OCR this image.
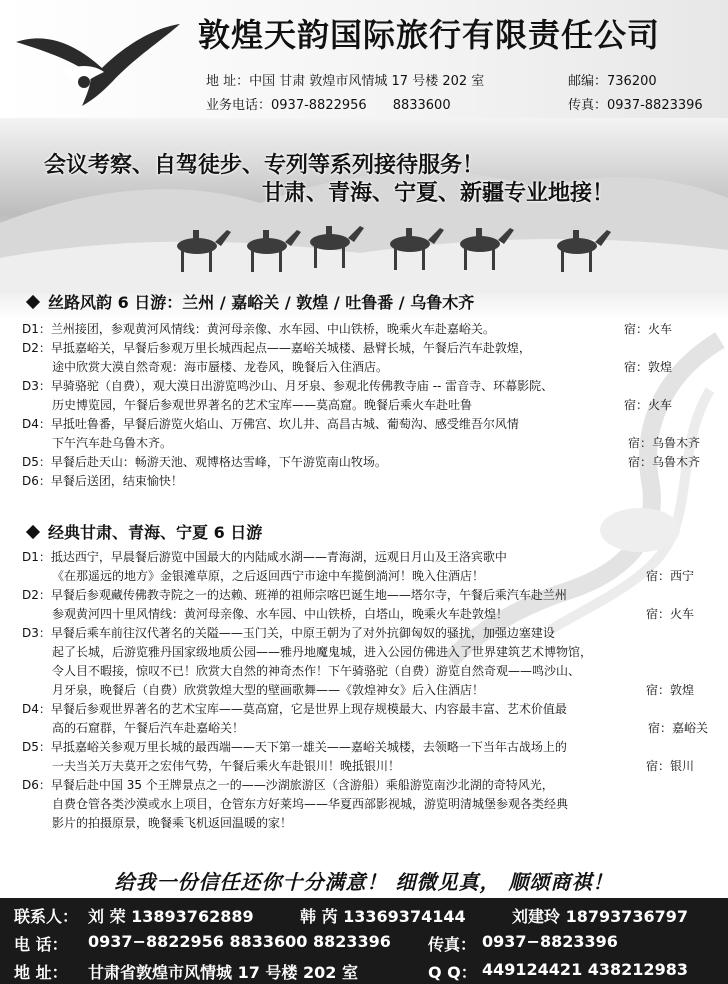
敦煌天韵国际旅行有限责任公司
地 址：中国 甘肃 敦煌市风情城 17 号楼 202 室	邮编：736200
业务电话：0937-8822956 8833600	传真：0937-8823396
会议考察、自驾徒步、专列等系列接待服务！
甘肃、青海、宁夏、新疆专业地接！
丝路风韵 6 日游：兰州 / 嘉峪关 / 敦煌 / 吐鲁番 / 乌鲁木齐
D1：兰州接团，参观黄河风情线：黄河母亲像、水车园、中山铁桥，晚乘火车赴嘉峪关。	宿：火车
D2：早抵嘉峪关，早餐后参观万里长城西起点——嘉峪关城楼、悬臂长城，午餐后汽车赴敦煌，
途中欣赏大漠自然奇观：海市蜃楼、龙卷风，晚餐后入住酒店。	宿：敦煌
D3：早骑骆驼（自费），观大漠日出游览鸣沙山、月牙泉、参观北传佛教寺庙 -- 雷音寺、环幕影院、
历史博览园，午餐后参观世界著名的艺术宝库——莫高窟。晚餐后乘火车赴吐鲁	宿：火车
D4：早抵吐鲁番，早餐后游览火焰山、万佛宫、坎儿井、高昌古城、葡萄沟、感受维吾尔风情
下午汽车赴乌鲁木齐。	宿：乌鲁木齐
D5：早餐后赴天山：畅游天池、观博格达雪峰，下午游览南山牧场。	宿：乌鲁木齐
D6：早餐后送团，结束愉快！
经典甘肃、青海、宁夏 6 日游
D1：抵达西宁，早晨餐后游览中国最大的内陆咸水湖——青海湖，远观日月山及王洛宾歌中
《在那遥远的地方》金银滩草原，之后返回西宁市途中车揽倒淌河！晚入住酒店！	宿：西宁
D2：早餐后参观藏传佛教寺院之一的达赖、班禅的祖师宗喀巴诞生地——塔尔寺，午餐后乘汽车赴兰州
参观黄河四十里风情线：黄河母亲像、水车园、中山铁桥，白塔山，晚乘火车赴敦煌！	宿：火车
D3：早餐后乘车前往汉代著名的关隘——玉门关，中原王朝为了对外抗御匈奴的骚扰，加强边塞建设
起了长城，后游览雅丹国家级地质公园——雅丹地魔鬼城，进入公园仿佛进入了世界建筑艺术博物馆，
令人目不暇接，惊叹不已！欣赏大自然的神奇杰作！下午骑骆驼（自费）游览自然奇观——鸣沙山、
月牙泉，晚餐后（自费）欣赏敦煌大型的壁画歌舞——《敦煌神女》后入住酒店！	宿：敦煌
D4：早餐后参观世界著名的艺术宝库——莫高窟，它是世界上现存规模最大、内容最丰富、艺术价值最
高的石窟群，午餐后汽车赴嘉峪关！	宿：嘉峪关
D5：早抵嘉峪关参观万里长城的最西端——天下第一雄关——嘉峪关城楼，去领略一下当年古战场上的
一夫当关万夫莫开之宏伟气势，午餐后乘火车赴银川！晚抵银川！	宿：银川
D6：早餐后赴中国 35 个王牌景点之一的——沙湖旅游区（含游船）乘船游览南沙北湖的奇特风光，
自费仓管各类沙漠或水上项目，仓管东方好莱坞——华夏西部影视城，游览明清城堡参观各类经典
影片的拍摄原景，晚餐乘飞机返回温暖的家！
给我一份信任还你十分满意！ 细微见真， 顺颂商祺！
联系人： 刘 荣 13893762889	韩 芮 13369374144	刘建玲 18793736797
电 话： 0937−8822956 8833600 8823396 传真： 0937−8823396
地 址： 甘肃省敦煌市风情城 17 号楼 202 室	Q Q： 449124421 438212983
